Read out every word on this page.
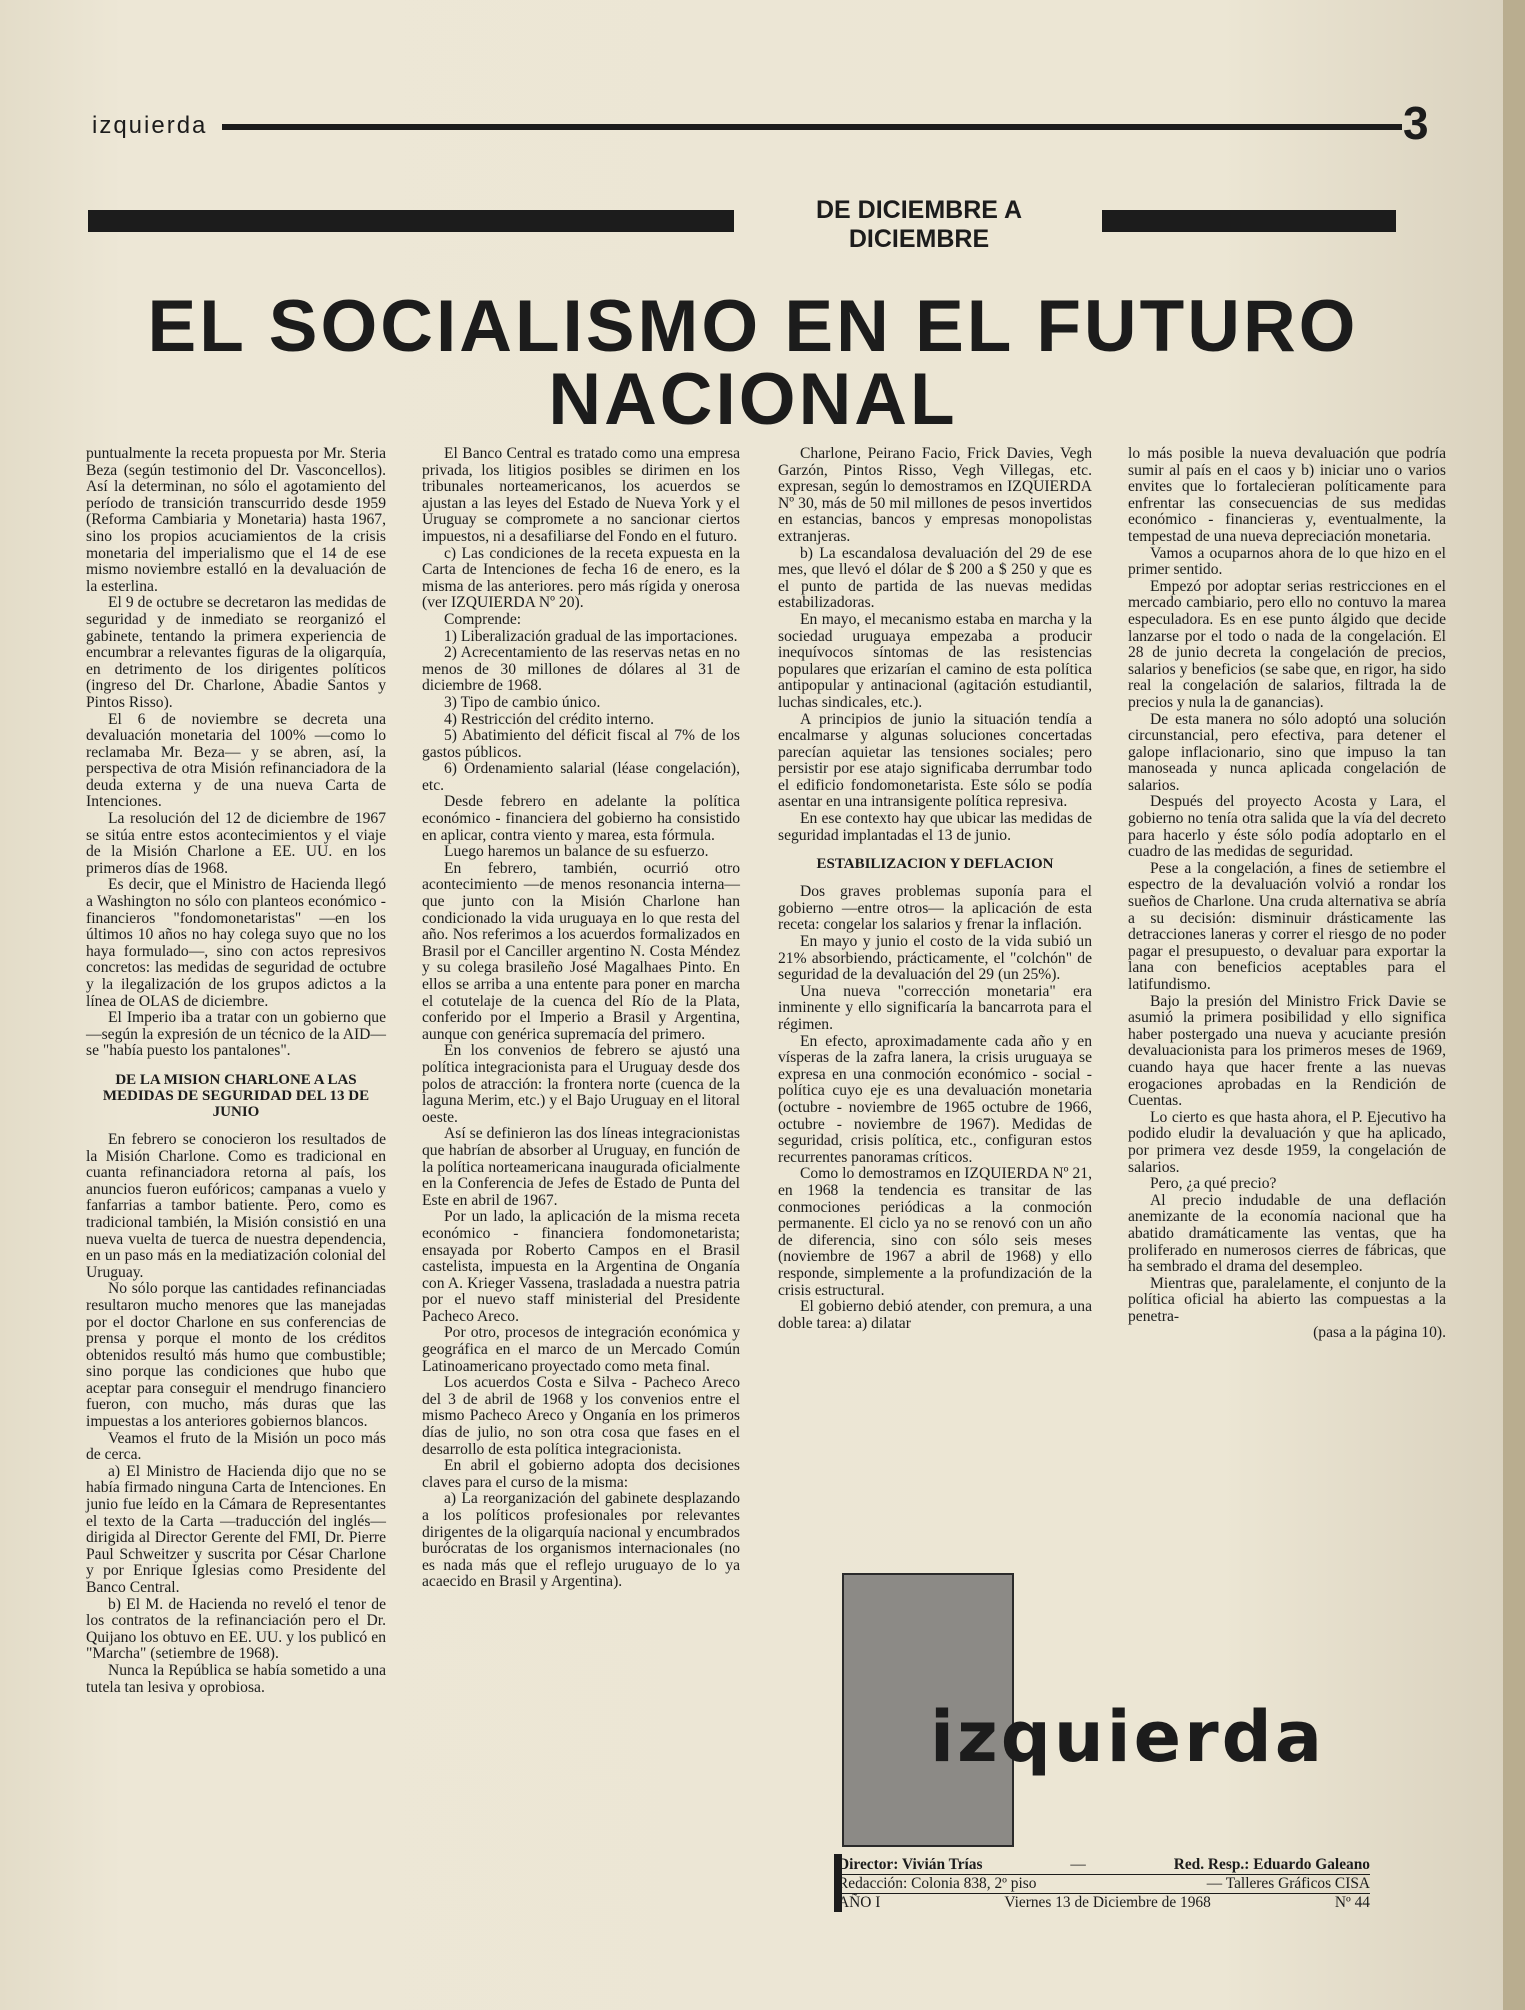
izquierda	3
DE DICIEMBRE A DICIEMBRE
EL SOCIALISMO EN EL FUTURO NACIONAL

puntualmente la receta propuesta por Mr. Steria Beza (según testimonio del Dr. Vasconcellos). Así la determinan, no sólo el agotamiento del período de transición transcurrido desde 1959 (Reforma Cambiaria y Monetaria) hasta 1967, sino los propios acuciamientos de la crisis monetaria del imperialismo que el 14 de ese mismo noviembre estalló en la devaluación de la esterlina.

El 9 de octubre se decretaron las medidas de seguridad y de inmediato se reorganizó el gabinete, tentando la primera experiencia de encumbrar a relevantes figuras de la oligarquía, en detrimento de los dirigentes políticos (ingreso del Dr. Charlone, Abadie Santos y Pintos Risso).

El 6 de noviembre se decreta una devaluación monetaria del 100% —como lo reclamaba Mr. Beza— y se abren, así, la perspectiva de otra Misión refinanciadora de la deuda externa y de una nueva Carta de Intenciones.

La resolución del 12 de diciembre de 1967 se sitúa entre estos acontecimientos y el viaje de la Misión Charlone a EE. UU. en los primeros días de 1968.

Es decir, que el Ministro de Hacienda llegó a Washington no sólo con planteos económico - financieros "fondomonetaristas" —en los últimos 10 años no hay colega suyo que no los haya formulado—, sino con actos represivos concretos: las medidas de seguridad de octubre y la ilegalización de los grupos adictos a la línea de OLAS de diciembre.

El Imperio iba a tratar con un gobierno que —según la expresión de un técnico de la AID— se "había puesto los pantalones".

DE LA MISION CHARLONE A LAS MEDIDAS DE SEGURIDAD DEL 13 DE JUNIO

En febrero se conocieron los resultados de la Misión Charlone. Como es tradicional en cuanta refinanciadora retorna al país, los anuncios fueron eufóricos; campanas a vuelo y fanfarrias a tambor batiente. Pero, como es tradicional también, la Misión consistió en una nueva vuelta de tuerca de nuestra dependencia, en un paso más en la mediatización colonial del Uruguay.

No sólo porque las cantidades refinanciadas resultaron mucho menores que las manejadas por el doctor Charlone en sus conferencias de prensa y porque el monto de los créditos obtenidos resultó más humo que combustible; sino porque las condiciones que hubo que aceptar para conseguir el mendrugo financiero fueron, con mucho, más duras que las impuestas a los anteriores gobiernos blancos.

Veamos el fruto de la Misión un poco más de cerca.

a) El Ministro de Hacienda dijo que no se había firmado ninguna Carta de Intenciones. En junio fue leído en la Cámara de Representantes el texto de la Carta —traducción del inglés— dirigida al Director Gerente del FMI, Dr. Pierre Paul Schweitzer y suscrita por César Charlone y por Enrique Iglesias como Presidente del Banco Central.

b) El M. de Hacienda no reveló el tenor de los contratos de la refinanciación pero el Dr. Quijano los obtuvo en EE. UU. y los publicó en "Marcha" (setiembre de 1968).

Nunca la República se había sometido a una tutela tan lesiva y oprobiosa.

El Banco Central es tratado como una empresa privada, los litigios posibles se dirimen en los tribunales norteamericanos, los acuerdos se ajustan a las leyes del Estado de Nueva York y el Uruguay se compromete a no sancionar ciertos impuestos, ni a desafiliarse del Fondo en el futuro.

c) Las condiciones de la receta expuesta en la Carta de Intenciones de fecha 16 de enero, es la misma de las anteriores. pero más rígida y onerosa (ver IZQUIERDA Nº 20).

Comprende:

1) Liberalización gradual de las importaciones.

2) Acrecentamiento de las reservas netas en no menos de 30 millones de dólares al 31 de diciembre de 1968.

3) Tipo de cambio único.

4) Restricción del crédito interno.

5) Abatimiento del déficit fiscal al 7% de los gastos públicos.

6) Ordenamiento salarial (léase congelación), etc.

Desde febrero en adelante la política económico - financiera del gobierno ha consistido en aplicar, contra viento y marea, esta fórmula.

Luego haremos un balance de su esfuerzo.

En febrero, también, ocurrió otro acontecimiento —de menos resonancia interna— que junto con la Misión Charlone han condicionado la vida uruguaya en lo que resta del año. Nos referimos a los acuerdos formalizados en Brasil por el Canciller argentino N. Costa Méndez y su colega brasileño José Magalhaes Pinto. En ellos se arriba a una entente para poner en marcha el cotutelaje de la cuenca del Río de la Plata, conferido por el Imperio a Brasil y Argentina, aunque con genérica supremacía del primero.

En los convenios de febrero se ajustó una política integracionista para el Uruguay desde dos polos de atracción: la frontera norte (cuenca de la laguna Merim, etc.) y el Bajo Uruguay en el litoral oeste.

Así se definieron las dos líneas integracionistas que habrían de absorber al Uruguay, en función de la política norteamericana inaugurada oficialmente en la Conferencia de Jefes de Estado de Punta del Este en abril de 1967.

Por un lado, la aplicación de la misma receta económico - financiera fondomonetarista; ensayada por Roberto Campos en el Brasil castelista, impuesta en la Argentina de Onganía con A. Krieger Vassena, trasladada a nuestra patria por el nuevo staff ministerial del Presidente Pacheco Areco.

Por otro, procesos de integración económica y geográfica en el marco de un Mercado Común Latinoamericano proyectado como meta final.

Los acuerdos Costa e Silva - Pacheco Areco del 3 de abril de 1968 y los convenios entre el mismo Pacheco Areco y Onganía en los primeros días de julio, no son otra cosa que fases en el desarrollo de esta política integracionista.

En abril el gobierno adopta dos decisiones claves para el curso de la misma:

a) La reorganización del gabinete desplazando a los políticos profesionales por relevantes dirigentes de la oligarquía nacional y encumbrados burócratas de los organismos internacionales (no es nada más que el reflejo uruguayo de lo ya acaecido en Brasil y Argentina).

Charlone, Peirano Facio, Frick Davies, Vegh Garzón, Pintos Risso, Vegh Villegas, etc. expresan, según lo demostramos en IZQUIERDA Nº 30, más de 50 mil millones de pesos invertidos en estancias, bancos y empresas monopolistas extranjeras.

b) La escandalosa devaluación del 29 de ese mes, que llevó el dólar de $ 200 a $ 250 y que es el punto de partida de las nuevas medidas estabilizadoras.

En mayo, el mecanismo estaba en marcha y la sociedad uruguaya empezaba a producir inequívocos síntomas de las resistencias populares que erizarían el camino de esta política antipopular y antinacional (agitación estudiantil, luchas sindicales, etc.).

A principios de junio la situación tendía a encalmarse y algunas soluciones concertadas parecían aquietar las tensiones sociales; pero persistir por ese atajo significaba derrumbar todo el edificio fondomonetarista. Este sólo se podía asentar en una intransigente política represiva.

En ese contexto hay que ubicar las medidas de seguridad implantadas el 13 de junio.

ESTABILIZACION Y DEFLACION

Dos graves problemas suponía para el gobierno —entre otros— la aplicación de esta receta: congelar los salarios y frenar la inflación.

En mayo y junio el costo de la vida subió un 21% absorbiendo, prácticamente, el "colchón" de seguridad de la devaluación del 29 (un 25%).

Una nueva "corrección monetaria" era inminente y ello significaría la bancarrota para el régimen.

En efecto, aproximadamente cada año y en vísperas de la zafra lanera, la crisis uruguaya se expresa en una conmoción económico - social - política cuyo eje es una devaluación monetaria (octubre - noviembre de 1965 octubre de 1966, octubre - noviembre de 1967). Medidas de seguridad, crisis política, etc., configuran estos recurrentes panoramas críticos.

Como lo demostramos en IZQUIERDA Nº 21, en 1968 la tendencia es transitar de las conmociones periódicas a la conmoción permanente. El ciclo ya no se renovó con un año de diferencia, sino con sólo seis meses (noviembre de 1967 a abril de 1968) y ello responde, simplemente a la profundización de la crisis estructural.

El gobierno debió atender, con premura, a una doble tarea: a) dilatar

lo más posible la nueva devaluación que podría sumir al país en el caos y b) iniciar uno o varios envites que lo fortalecieran políticamente para enfrentar las consecuencias de sus medidas económico - financieras y, eventualmente, la tempestad de una nueva depreciación monetaria.

Vamos a ocuparnos ahora de lo que hizo en el primer sentido.

Empezó por adoptar serias restricciones en el mercado cambiario, pero ello no contuvo la marea especuladora. Es en ese punto álgido que decide lanzarse por el todo o nada de la congelación. El 28 de junio decreta la congelación de precios, salarios y beneficios (se sabe que, en rigor, ha sido real la congelación de salarios, filtrada la de precios y nula la de ganancias).

De esta manera no sólo adoptó una solución circunstancial, pero efectiva, para detener el galope inflacionario, sino que impuso la tan manoseada y nunca aplicada congelación de salarios.

Después del proyecto Acosta y Lara, el gobierno no tenía otra salida que la vía del decreto para hacerlo y éste sólo podía adoptarlo en el cuadro de las medidas de seguridad.

Pese a la congelación, a fines de setiembre el espectro de la devaluación volvió a rondar los sueños de Charlone. Una cruda alternativa se abría a su decisión: disminuir drásticamente las detracciones laneras y correr el riesgo de no poder pagar el presupuesto, o devaluar para exportar la lana con beneficios aceptables para el latifundismo.

Bajo la presión del Ministro Frick Davie se asumió la primera posibilidad y ello significa haber postergado una nueva y acuciante presión devaluacionista para los primeros meses de 1969, cuando haya que hacer frente a las nuevas erogaciones aprobadas en la Rendición de Cuentas.

Lo cierto es que hasta ahora, el P. Ejecutivo ha podido eludir la devaluación y que ha aplicado, por primera vez desde 1959, la congelación de salarios.

Pero, ¿a qué precio?

Al precio indudable de una deflación anemizante de la economía nacional que ha abatido dramáticamente las ventas, que ha proliferado en numerosos cierres de fábricas, que ha sembrado el drama del desempleo.

Mientras que, paralelamente, el conjunto de la política oficial ha abierto las compuestas a la penetra-

(pasa a la página 10).

izquierda
Director: Vivián Trías	—	Red. Resp.: Eduardo Galeano
Redacción: Colonia 838, 2º piso	— Talleres Gráficos CISA
AÑO I	Viernes 13 de Diciembre de 1968	Nº 44
